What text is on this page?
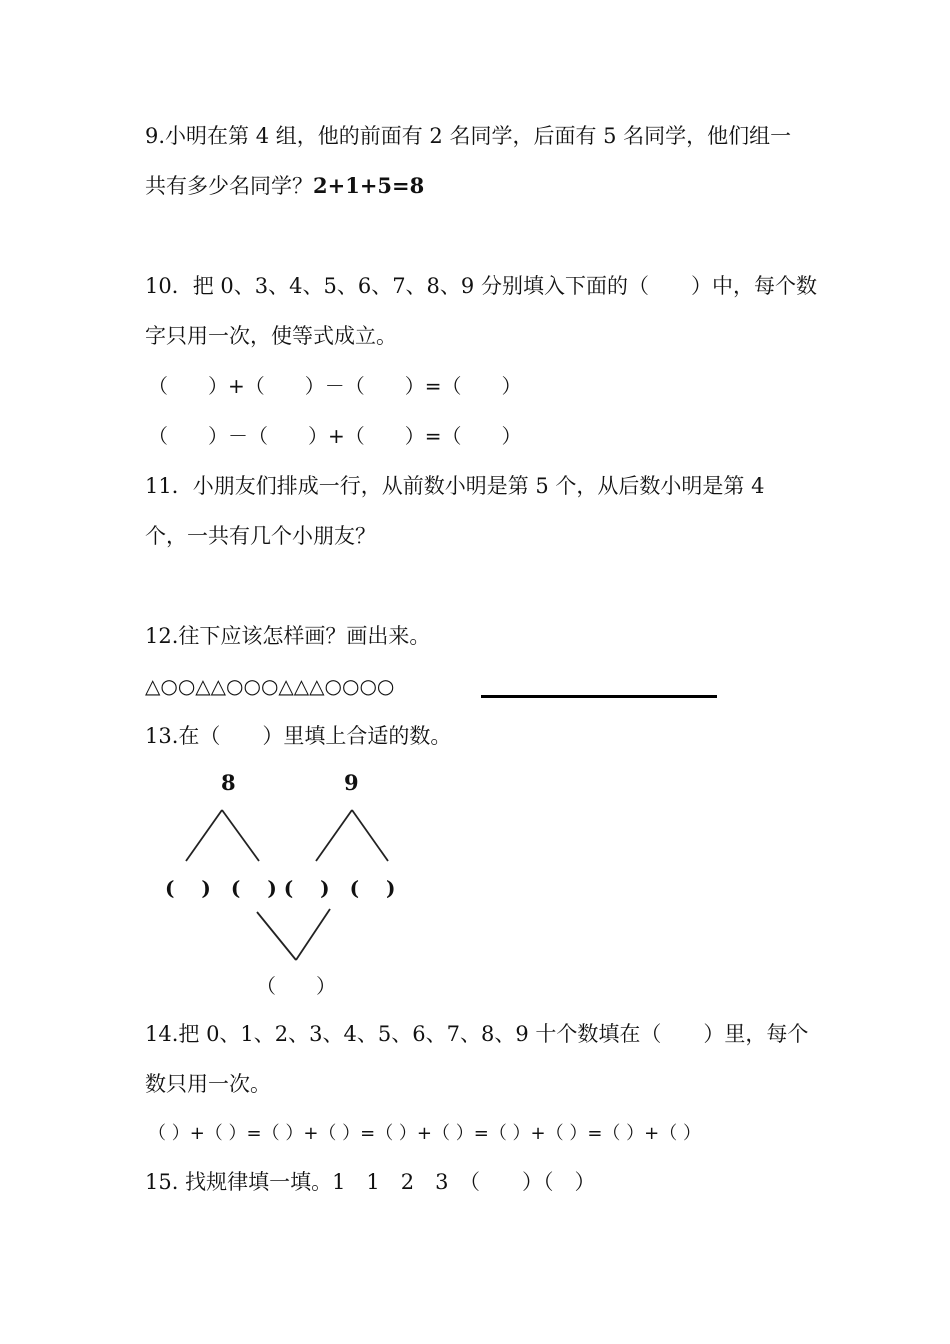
9.小明在第 4 组，他的前面有 2 名同学，后面有 5 名同学，他们组一
共有多少名同学？2+1+5=8
10．把 0、3、4、5、6、7、8、9 分别填入下面的（　　）中，每个数
字只用一次，使等式成立。
（　　）+（　　）－（　　）=（　　）
（　　）－（　　）+（　　）=（　　）
11．小朋友们排成一行，从前数小明是第 5 个，从后数小明是第 4
个，一共有几个小朋友？
12.往下应该怎样画？画出来。
△○○△△○○○△△△○○○○
13.在（　　）里填上合适的数。
8	9
(　 )　(　 ) (　 )　(　 )
（　　）
14.把 0、1、2、3、4、5、6、7、8、9 十个数填在（　　）里，每个
数只用一次。
（ ）+（ ）=（ ）+（ ）=（ ）+（ ）=（ ）+（ ）=（ ）+（ ）
15. 找规律填一填。1　1　2　3　（　　）（　）
